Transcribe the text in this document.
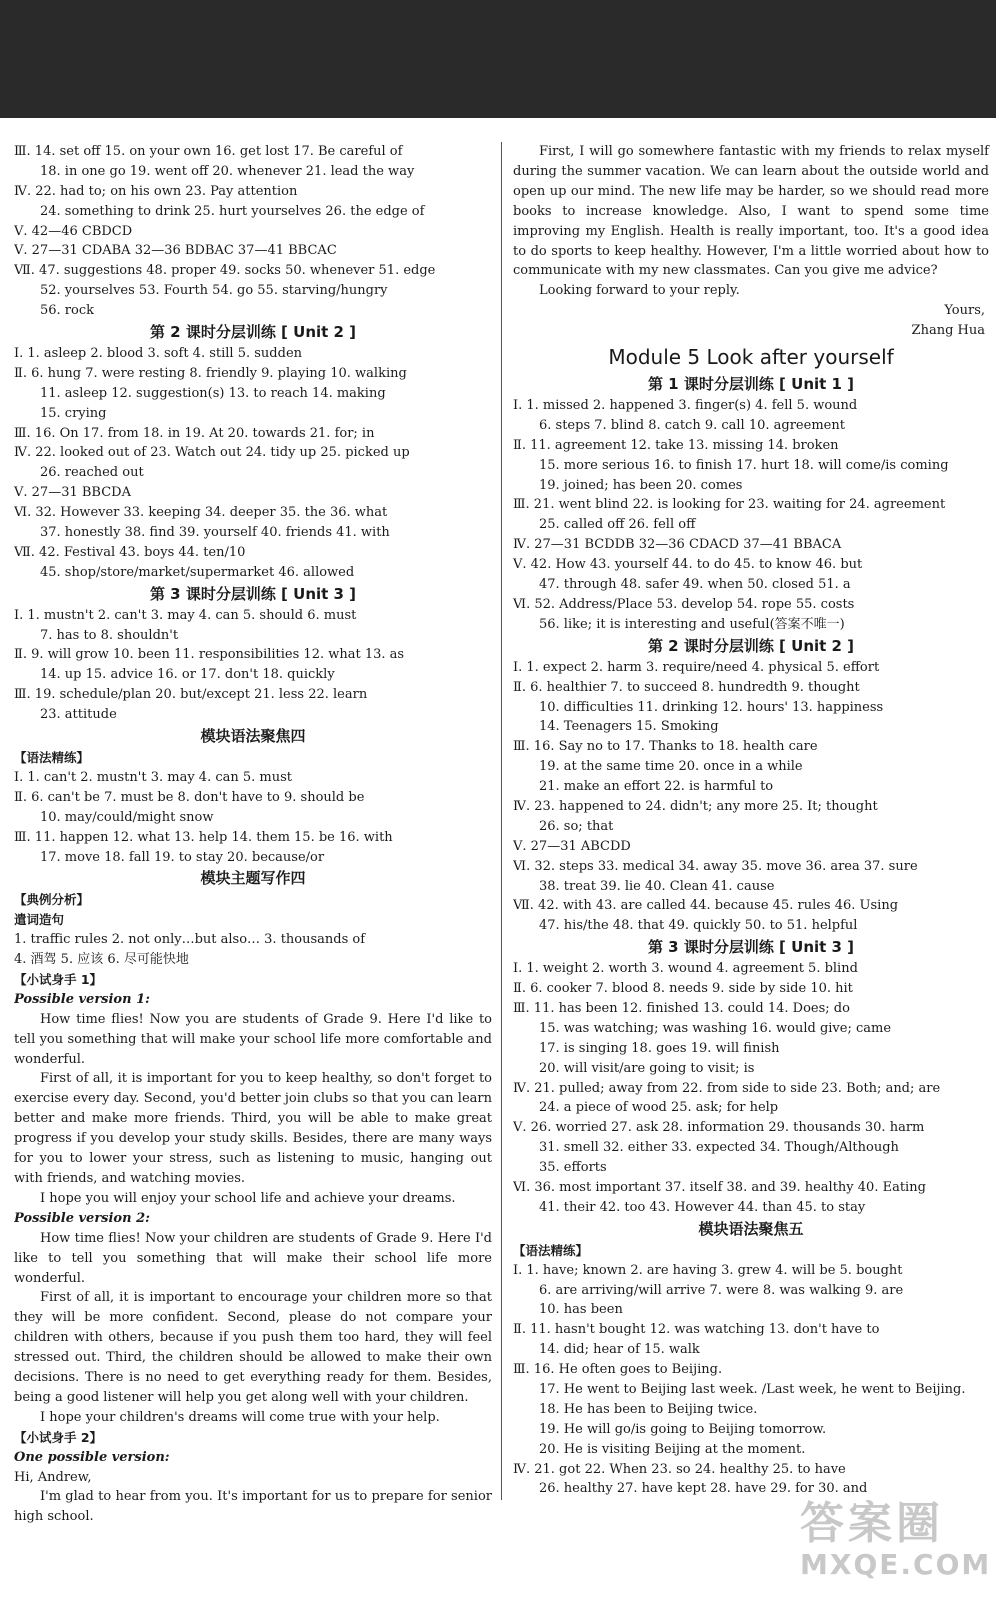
Ⅲ. 14. set off 15. on your own 16. get lost 17. Be careful of
18. in one go 19. went off 20. whenever 21. lead the way
Ⅳ. 22. had to; on his own 23. Pay attention
24. something to drink 25. hurt yourselves 26. the edge of
Ⅴ. 42—46 CBDCD
Ⅴ. 27—31 CDABA 32—36 BDBAC 37—41 BBCAC
Ⅶ. 47. suggestions 48. proper 49. socks 50. whenever 51. edge
52. yourselves 53. Fourth 54. go 55. starving/hungry
56. rock
第 2 课时分层训练 [ Unit 2 ]
Ⅰ. 1. asleep 2. blood 3. soft 4. still 5. sudden
Ⅱ. 6. hung 7. were resting 8. friendly 9. playing 10. walking
11. asleep 12. suggestion(s) 13. to reach 14. making
15. crying
Ⅲ. 16. On 17. from 18. in 19. At 20. towards 21. for; in
Ⅳ. 22. looked out of 23. Watch out 24. tidy up 25. picked up
26. reached out
Ⅴ. 27—31 BBCDA
Ⅵ. 32. However 33. keeping 34. deeper 35. the 36. what
37. honestly 38. find 39. yourself 40. friends 41. with
Ⅶ. 42. Festival 43. boys 44. ten/10
45. shop/store/market/supermarket 46. allowed
第 3 课时分层训练 [ Unit 3 ]
Ⅰ. 1. mustn't 2. can't 3. may 4. can 5. should 6. must
7. has to 8. shouldn't
Ⅱ. 9. will grow 10. been 11. responsibilities 12. what 13. as
14. up 15. advice 16. or 17. don't 18. quickly
Ⅲ. 19. schedule/plan 20. but/except 21. less 22. learn
23. attitude
模块语法聚焦四
【语法精练】
Ⅰ. 1. can't 2. mustn't 3. may 4. can 5. must
Ⅱ. 6. can't be 7. must be 8. don't have to 9. should be
10. may/could/might snow
Ⅲ. 11. happen 12. what 13. help 14. them 15. be 16. with
17. move 18. fall 19. to stay 20. because/or
模块主题写作四
【典例分析】
遣词造句
1. traffic rules 2. not only…but also… 3. thousands of
4. 酒驾 5. 应该 6. 尽可能快地
【小试身手 1】
Possible version 1:
How time flies! Now you are students of Grade 9. Here I'd like to tell you something that will make your school life more comfortable and wonderful.
First of all, it is important for you to keep healthy, so don't forget to exercise every day. Second, you'd better join clubs so that you can learn better and make more friends. Third, you will be able to make great progress if you develop your study skills. Besides, there are many ways for you to lower your stress, such as listening to music, hanging out with friends, and watching movies.
I hope you will enjoy your school life and achieve your dreams.
Possible version 2:
How time flies! Now your children are students of Grade 9. Here I'd like to tell you something that will make their school life more wonderful.
First of all, it is important to encourage your children more so that they will be more confident. Second, please do not compare your children with others, because if you push them too hard, they will feel stressed out. Third, the children should be allowed to make their own decisions. There is no need to get everything ready for them. Besides, being a good listener will help you get along well with your children.
I hope your children's dreams will come true with your help.
【小试身手 2】
One possible version:
Hi, Andrew,
I'm glad to hear from you. It's important for us to prepare for senior high school.
First, I will go somewhere fantastic with my friends to relax myself during the summer vacation. We can learn about the outside world and open up our mind. The new life may be harder, so we should read more books to increase knowledge. Also, I want to spend some time improving my English. Health is really important, too. It's a good idea to do sports to keep healthy. However, I'm a little worried about how to communicate with my new classmates. Can you give me advice?
Looking forward to your reply.
Yours,
Zhang Hua
Module 5 Look after yourself
第 1 课时分层训练 [ Unit 1 ]
Ⅰ. 1. missed 2. happened 3. finger(s) 4. fell 5. wound
6. steps 7. blind 8. catch 9. call 10. agreement
Ⅱ. 11. agreement 12. take 13. missing 14. broken
15. more serious 16. to finish 17. hurt 18. will come/is coming
19. joined; has been 20. comes
Ⅲ. 21. went blind 22. is looking for 23. waiting for 24. agreement
25. called off 26. fell off
Ⅳ. 27—31 BCDDB 32—36 CDACD 37—41 BBACA
Ⅴ. 42. How 43. yourself 44. to do 45. to know 46. but
47. through 48. safer 49. when 50. closed 51. a
Ⅵ. 52. Address/Place 53. develop 54. rope 55. costs
56. like; it is interesting and useful(答案不唯一)
第 2 课时分层训练 [ Unit 2 ]
Ⅰ. 1. expect 2. harm 3. require/need 4. physical 5. effort
Ⅱ. 6. healthier 7. to succeed 8. hundredth 9. thought
10. difficulties 11. drinking 12. hours' 13. happiness
14. Teenagers 15. Smoking
Ⅲ. 16. Say no to 17. Thanks to 18. health care
19. at the same time 20. once in a while
21. make an effort 22. is harmful to
Ⅳ. 23. happened to 24. didn't; any more 25. It; thought
26. so; that
Ⅴ. 27—31 ABCDD
Ⅵ. 32. steps 33. medical 34. away 35. move 36. area 37. sure
38. treat 39. lie 40. Clean 41. cause
Ⅶ. 42. with 43. are called 44. because 45. rules 46. Using
47. his/the 48. that 49. quickly 50. to 51. helpful
第 3 课时分层训练 [ Unit 3 ]
Ⅰ. 1. weight 2. worth 3. wound 4. agreement 5. blind
Ⅱ. 6. cooker 7. blood 8. needs 9. side by side 10. hit
Ⅲ. 11. has been 12. finished 13. could 14. Does; do
15. was watching; was washing 16. would give; came
17. is singing 18. goes 19. will finish
20. will visit/are going to visit; is
Ⅳ. 21. pulled; away from 22. from side to side 23. Both; and; are
24. a piece of wood 25. ask; for help
Ⅴ. 26. worried 27. ask 28. information 29. thousands 30. harm
31. smell 32. either 33. expected 34. Though/Although
35. efforts
Ⅵ. 36. most important 37. itself 38. and 39. healthy 40. Eating
41. their 42. too 43. However 44. than 45. to stay
模块语法聚焦五
【语法精练】
Ⅰ. 1. have; known 2. are having 3. grew 4. will be 5. bought
6. are arriving/will arrive 7. were 8. was walking 9. are
10. has been
Ⅱ. 11. hasn't bought 12. was watching 13. don't have to
14. did; hear of 15. walk
Ⅲ. 16. He often goes to Beijing.
17. He went to Beijing last week. /Last week, he went to Beijing.
18. He has been to Beijing twice.
19. He will go/is going to Beijing tomorrow.
20. He is visiting Beijing at the moment.
Ⅳ. 21. got 22. When 23. so 24. healthy 25. to have
26. healthy 27. have kept 28. have 29. for 30. and
答案圈
MXQE.COM
